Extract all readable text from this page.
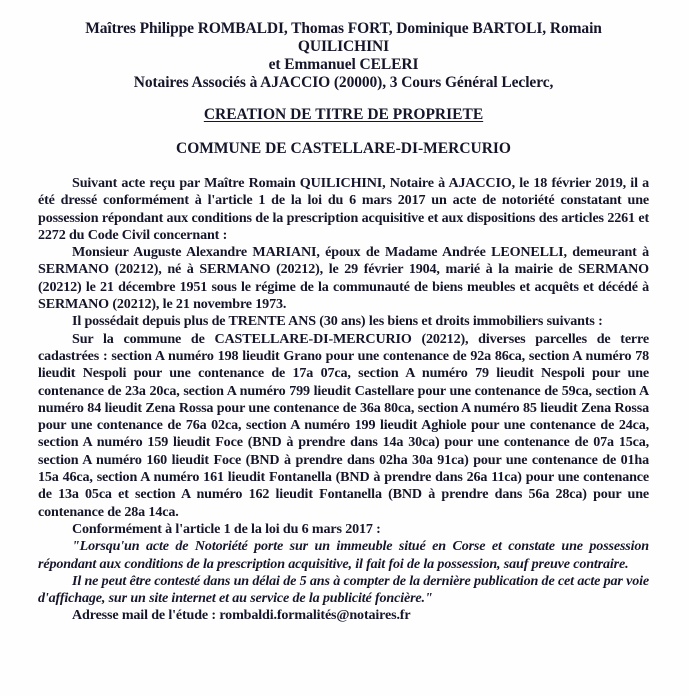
Maîtres Philippe ROMBALDI, Thomas FORT, Dominique BARTOLI, Romain QUILICHINI
et Emmanuel CELERI
Notaires Associés à AJACCIO (20000), 3 Cours Général Leclerc,
CREATION DE TITRE DE PROPRIETE
COMMUNE DE CASTELLARE-DI-MERCURIO

Suivant acte reçu par Maître Romain QUILICHINI, Notaire à AJACCIO, le 18 février 2019, il a été dressé conformément à l'article 1 de la loi du 6 mars 2017 un acte de notoriété constatant une possession répondant aux conditions de la prescription acquisitive et aux dispositions des articles 2261 et 2272 du Code Civil concernant :

Monsieur Auguste Alexandre MARIANI, époux de Madame Andrée LEONELLI, demeurant à SERMANO (20212), né à SERMANO (20212), le 29 février 1904, marié à la mairie de SERMANO (20212) le 21 décembre 1951 sous le régime de la communauté de biens meubles et acquêts et décédé à SERMANO (20212), le 21 novembre 1973.

Il possédait depuis plus de TRENTE ANS (30 ans) les biens et droits immobiliers suivants :

Sur la commune de CASTELLARE-DI-MERCURIO (20212), diverses parcelles de terre cadastrées : section A numéro 198 lieudit Grano pour une contenance de 92a 86ca, section A numéro 78 lieudit Nespoli pour une contenance de 17a 07ca, section A numéro 79 lieudit Nespoli pour une contenance de 23a 20ca, section A numéro 799 lieudit Castellare pour une contenance de 59ca, section A numéro 84 lieudit Zena Rossa pour une contenance de 36a 80ca, section A numéro 85 lieudit Zena Rossa pour une contenance de 76a 02ca, section A numéro 199 lieudit Aghiole pour une contenance de 24ca, section A numéro 159 lieudit Foce (BND à prendre dans 14a 30ca) pour une contenance de 07a 15ca, section A numéro 160 lieudit Foce (BND à prendre dans 02ha 30a 91ca) pour une contenance de 01ha 15a 46ca, section A numéro 161 lieudit Fontanella (BND à prendre dans 26a 11ca) pour une contenance de 13a 05ca et section A numéro 162 lieudit Fontanella (BND à prendre dans 56a 28ca) pour une contenance de 28a 14ca.

Conformément à l'article 1 de la loi du 6 mars 2017 :

"Lorsqu'un acte de Notoriété porte sur un immeuble situé en Corse et constate une possession répondant aux conditions de la prescription acquisitive, il fait foi de la possession, sauf preuve contraire.

Il ne peut être contesté dans un délai de 5 ans à compter de la dernière publication de cet acte par voie d'affichage, sur un site internet et au service de la publicité foncière."

Adresse mail de l'étude : rombaldi.formalités@notaires.fr
